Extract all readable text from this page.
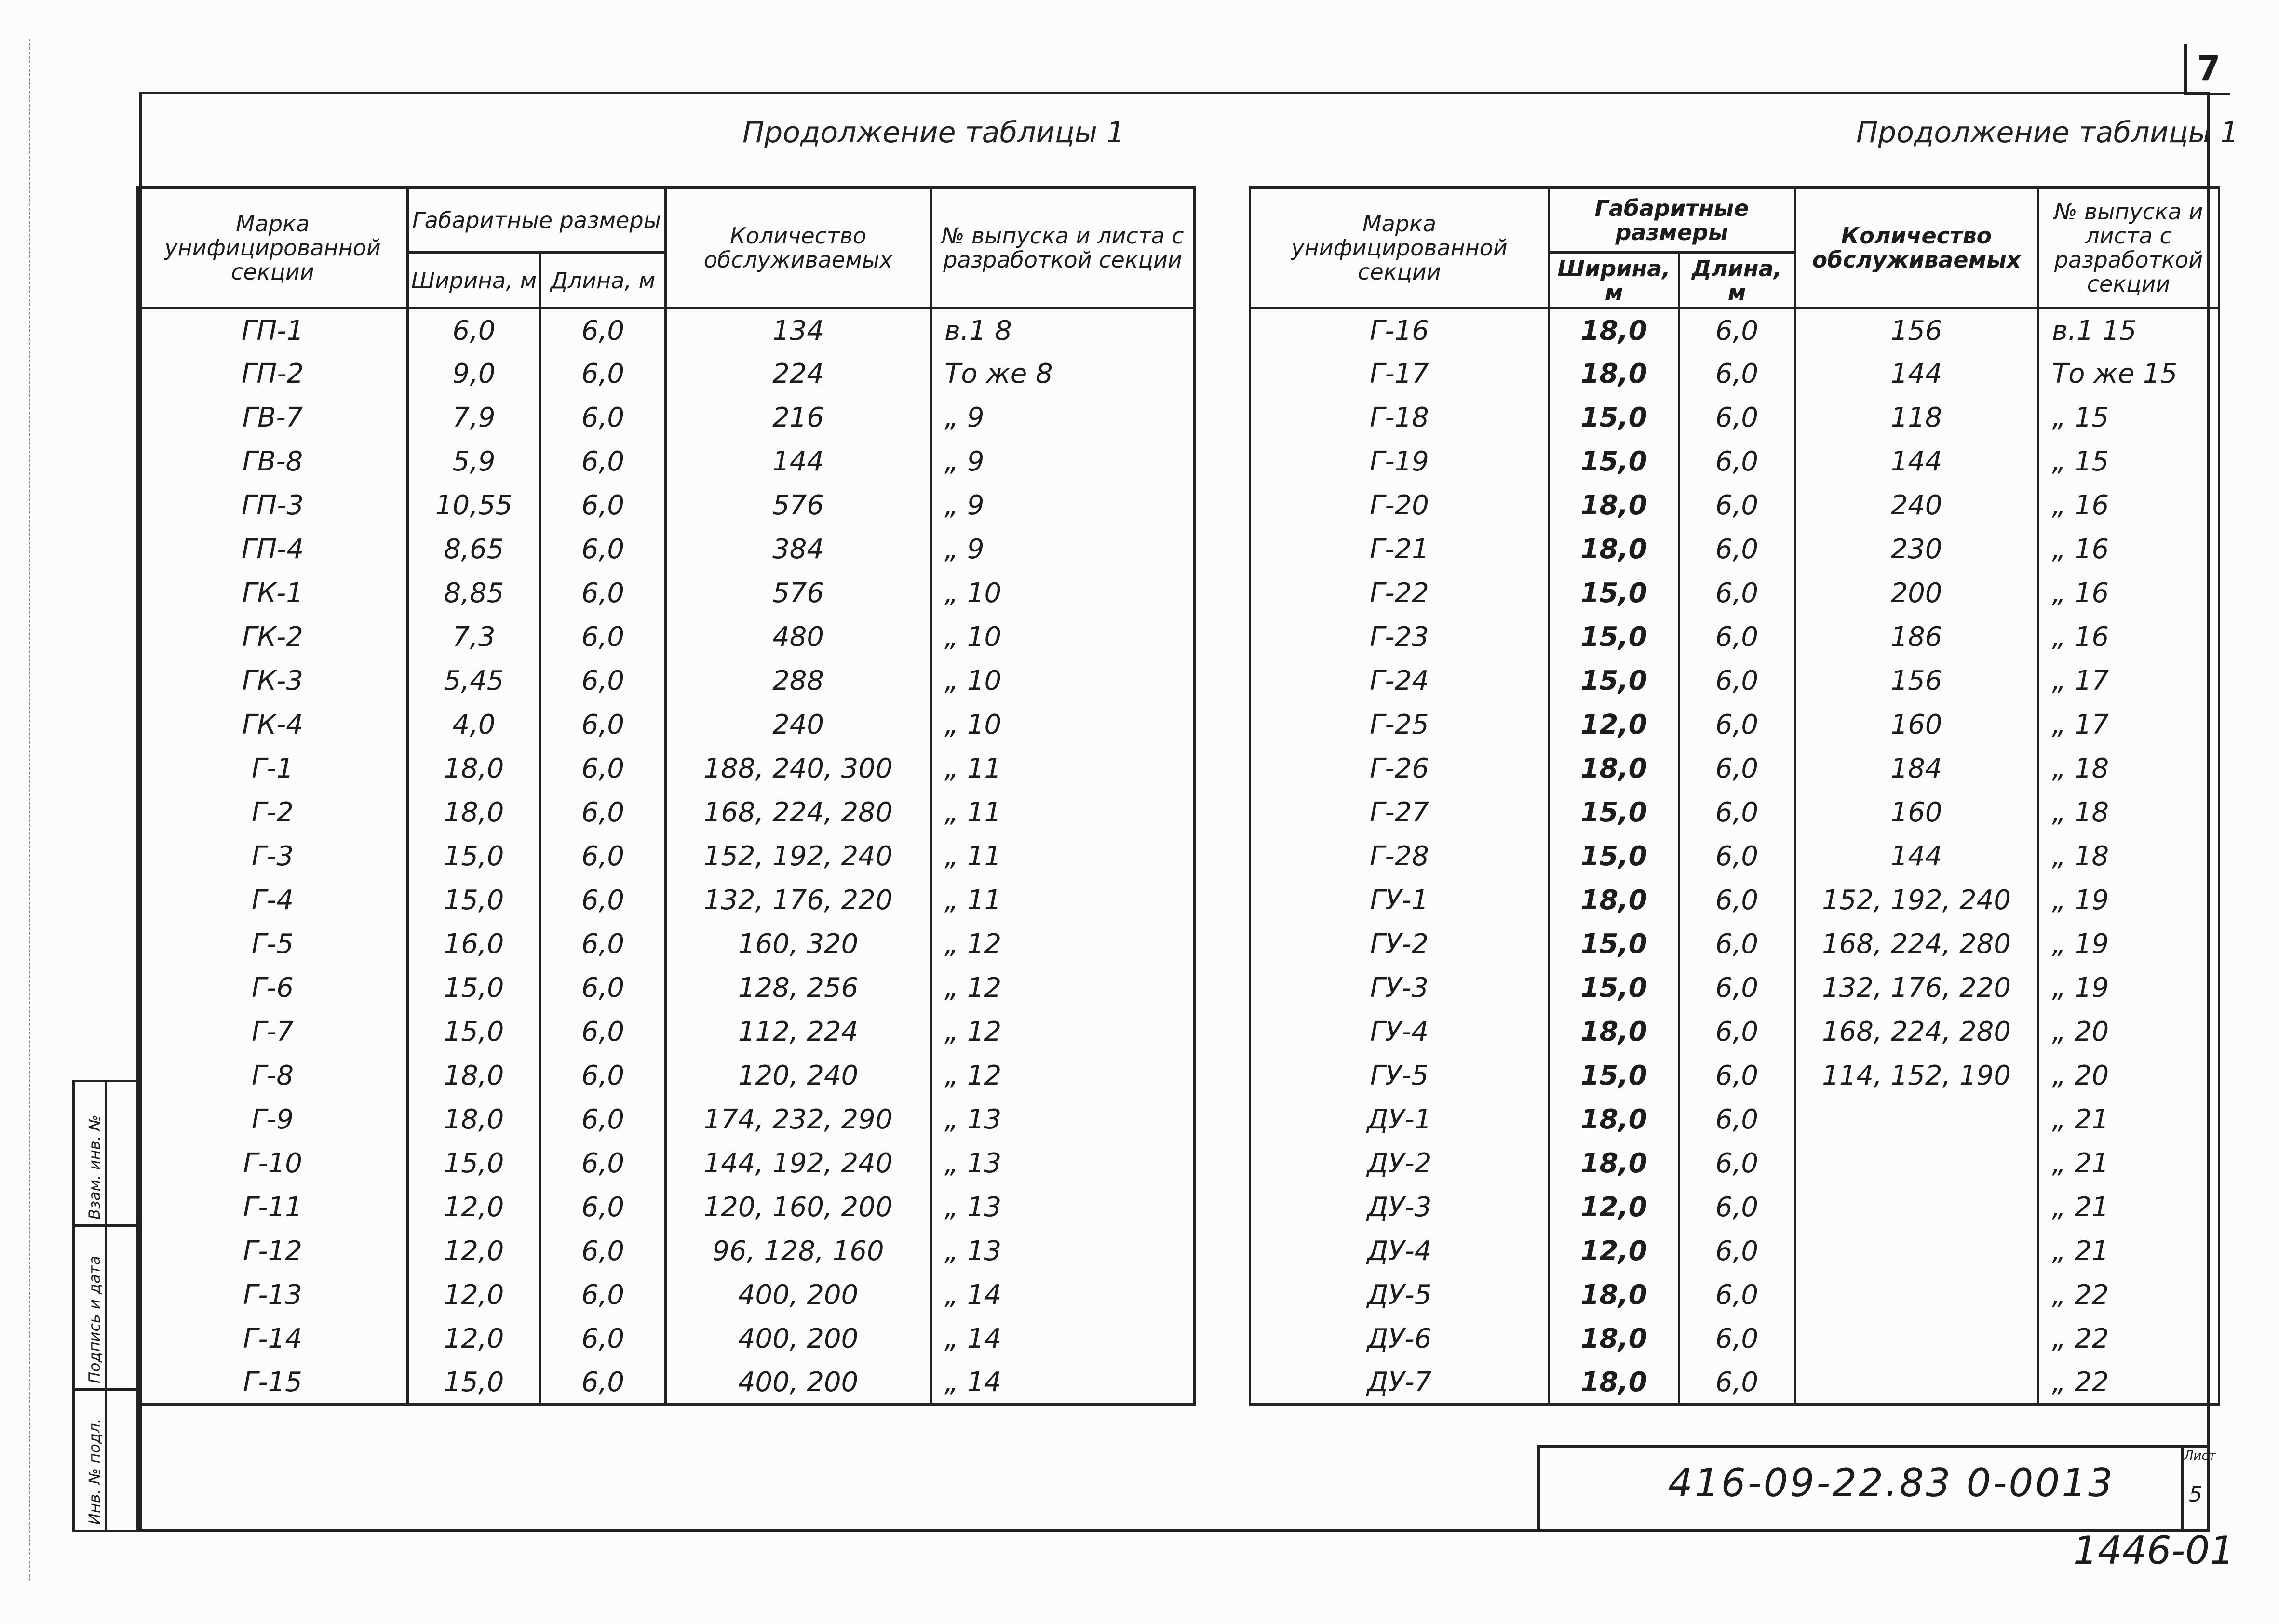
7
Продолжение таблицы 1	Продолжение таблицы 1
Марка унифицированной секции	Габаритные размеры		Количество обслуживаемых	№ выпуска и листа с разработкой секции
	Ширина, м	Длина, м		
ГП-1	6,0	6,0	134	в.1 8
ГП-2	9,0	6,0	224	То же 8
ГВ-7	7,9	6,0	216	„ 9
ГВ-8	5,9	6,0	144	„ 9
ГП-3	10,55	6,0	576	„ 9
ГП-4	8,65	6,0	384	„ 9
ГК-1	8,85	6,0	576	„ 10
ГК-2	7,3	6,0	480	„ 10
ГК-3	5,45	6,0	288	„ 10
ГК-4	4,0	6,0	240	„ 10
Г-1	18,0	6,0	188, 240, 300	„ 11
Г-2	18,0	6,0	168, 224, 280	„ 11
Г-3	15,0	6,0	152, 192, 240	„ 11
Г-4	15,0	6,0	132, 176, 220	„ 11
Г-5	16,0	6,0	160, 320	„ 12
Г-6	15,0	6,0	128, 256	„ 12
Г-7	15,0	6,0	112, 224	„ 12
Г-8	18,0	6,0	120, 240	„ 12
Г-9	18,0	6,0	174, 232, 290	„ 13
Г-10	15,0	6,0	144, 192, 240	„ 13
Г-11	12,0	6,0	120, 160, 200	„ 13
Г-12	12,0	6,0	96, 128, 160	„ 13
Г-13	12,0	6,0	400, 200	„ 14
Г-14	12,0	6,0	400, 200	„ 14
Г-15	15,0	6,0	400, 200	„ 14
Марка унифицированной секции	Габаритные размеры		Количество обслуживаемых	№ выпуска и листа с разработкой секции
	Ширина, м	Длина, м		
Г-16	18,0	6,0	156	в.1 15
Г-17	18,0	6,0	144	То же 15
Г-18	15,0	6,0	118	„ 15
Г-19	15,0	6,0	144	„ 15
Г-20	18,0	6,0	240	„ 16
Г-21	18,0	6,0	230	„ 16
Г-22	15,0	6,0	200	„ 16
Г-23	15,0	6,0	186	„ 16
Г-24	15,0	6,0	156	„ 17
Г-25	12,0	6,0	160	„ 17
Г-26	18,0	6,0	184	„ 18
Г-27	15,0	6,0	160	„ 18
Г-28	15,0	6,0	144	„ 18
ГУ-1	18,0	6,0	152, 192, 240	„ 19
ГУ-2	15,0	6,0	168, 224, 280	„ 19
ГУ-3	15,0	6,0	132, 176, 220	„ 19
ГУ-4	18,0	6,0	168, 224, 280	„ 20
ГУ-5	15,0	6,0	114, 152, 190	„ 20
ДУ-1	18,0	6,0		„ 21
ДУ-2	18,0	6,0		„ 21
ДУ-3	12,0	6,0		„ 21
ДУ-4	12,0	6,0		„ 21
ДУ-5	18,0	6,0		„ 22
ДУ-6	18,0	6,0		„ 22
ДУ-7	18,0	6,0		„ 22
416-09-22.83 0-0013
Лист
5
1446-01
Взам. инв. №
Подпись и дата
Инв. № подл.
